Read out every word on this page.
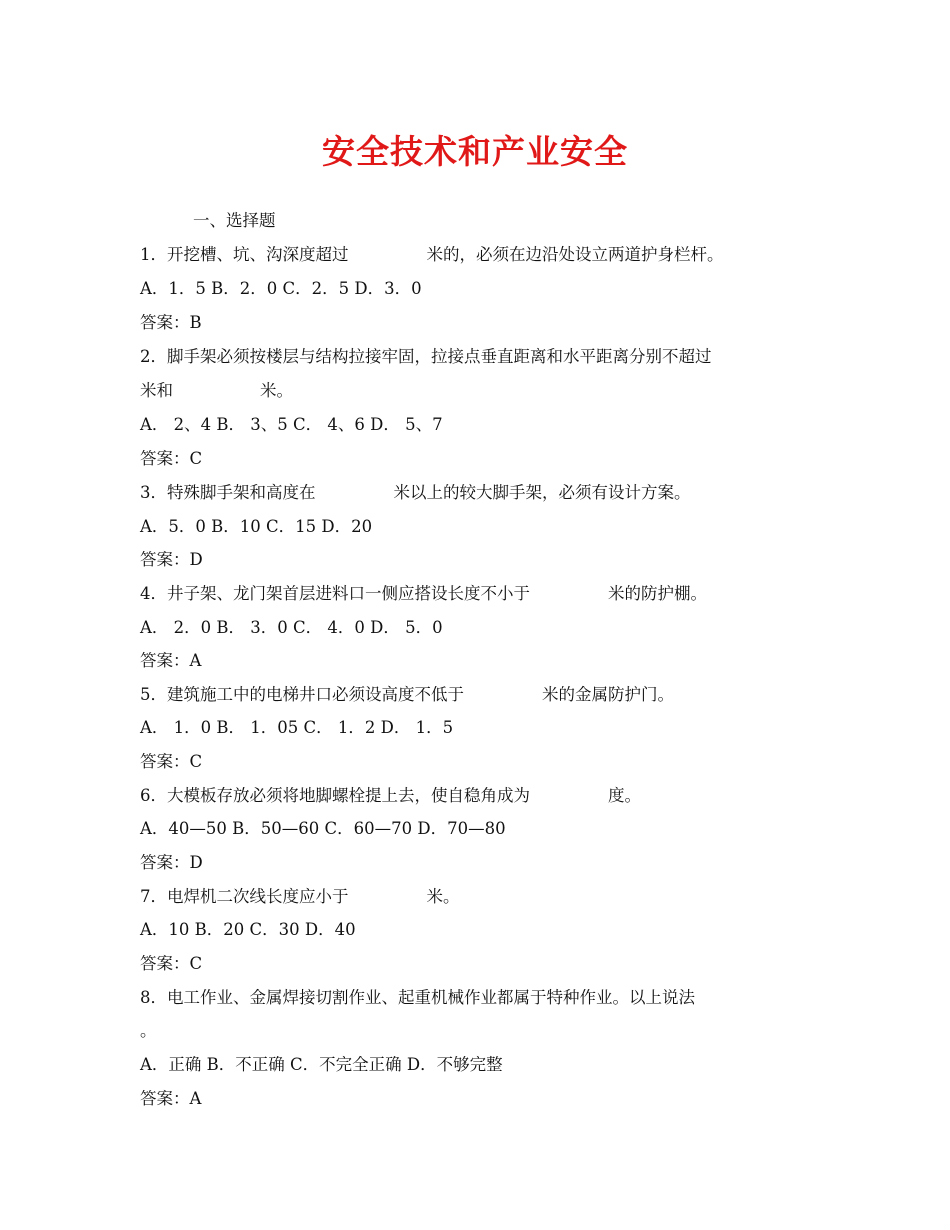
安全技术和产业安全
一、选择题
1．开挖槽、坑、沟深度超过	米的，必须在边沿处设立两道护身栏杆。
A．1．5 B．2．0 C．2．5 D．3．0
答案：B
2．脚手架必须按楼层与结构拉接牢固，拉接点垂直距离和水平距离分别不超过
米和	米。
A． 2、4 B． 3、5 C． 4、6 D． 5、7
答案：C
3．特殊脚手架和高度在	米以上的较大脚手架，必须有设计方案。
A．5．0 B．10 C．15 D．20
答案：D
4．井子架、龙门架首层进料口一侧应搭设长度不小于	米的防护棚。
A． 2．0 B． 3．0 C． 4．0 D． 5．0
答案：A
5．建筑施工中的电梯井口必须设高度不低于	米的金属防护门。
A． 1．0 B． 1．05 C． 1．2 D． 1．5
答案：C
6．大模板存放必须将地脚螺栓提上去，使自稳角成为	度。
A．40—50 B．50—60 C．60—70 D．70—80
答案：D
7．电焊机二次线长度应小于	米。
A．10 B．20 C．30 D．40
答案：C
8．电工作业、金属焊接切割作业、起重机械作业都属于特种作业。以上说法
。
A．正确 B．不正确 C．不完全正确 D．不够完整
答案：A
